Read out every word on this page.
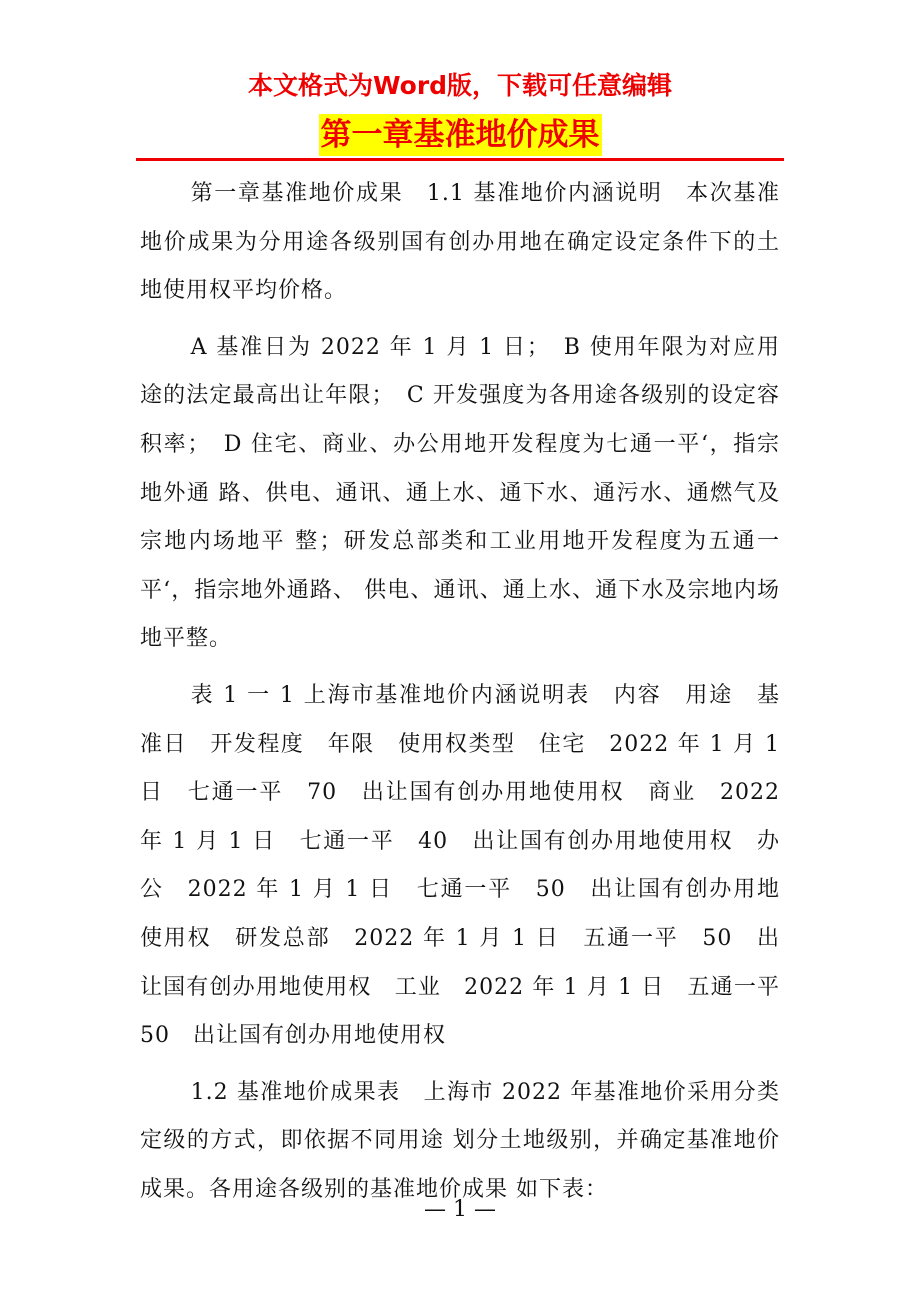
本文格式为Word版，下载可任意编辑
第一章基准地价成果

第一章基准地价成果　1.1 基准地价内涵说明　本次基准地价成果为分用途各级别国有创办用地在确定设定条件下的土地使用权平均价格。

A 基准日为 2022 年 1 月 1 日；　B 使用年限为对应用途的法定最高出让年限；　C 开发强度为各用途各级别的设定容积率；　D 住宅、商业、办公用地开发程度为七通一平‘，指宗地外通 路、供电、通讯、通上水、通下水、通污水、通燃气及宗地内场地平 整；研发总部类和工业用地开发程度为五通一平‘，指宗地外通路、 供电、通讯、通上水、通下水及宗地内场地平整。

表 1 一 1 上海市基准地价内涵说明表　内容　用途　基准日　开发程度　年限　使用权类型　住宅　2022 年 1 月 1 日　七通一平　70　出让国有创办用地使用权　商业　2022 年 1 月 1 日　七通一平　40　出让国有创办用地使用权　办公　2022 年 1 月 1 日　七通一平　50　出让国有创办用地使用权　研发总部　2022 年 1 月 1 日　五通一平　50　出让国有创办用地使用权　工业　2022 年 1 月 1 日　五通一平　50　出让国有创办用地使用权

1.2 基准地价成果表　上海市 2022 年基准地价采用分类定级的方式，即依据不同用途 划分土地级别，并确定基准地价成果。各用途各级别的基准地价成果 如下表：

— 1 —
